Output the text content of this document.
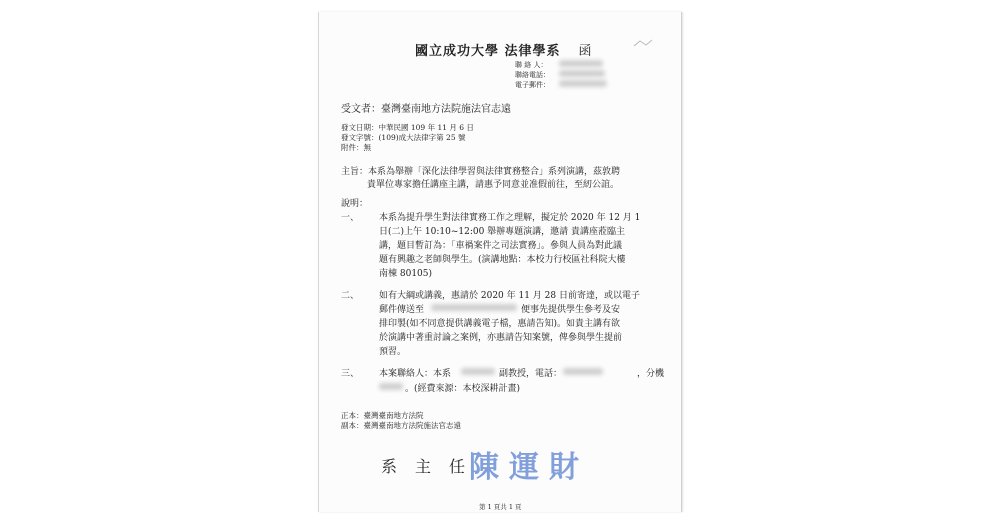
國立成功大學 法律學系 函
聯 絡 人：
聯絡電話：
電子郵件：
受文者：臺灣臺南地方法院施法官志遠
發文日期：中華民國 109 年 11 月 6 日
發文字號：(109)成大法律字第 25 號
附件：無
主旨：本系為舉辦「深化法律學習與法律實務整合」系列演講，茲敦聘
貴單位專家擔任講座主講，請惠予同意並准假前往，至紉公誼。
說明：
一、 本系為提升學生對法律實務工作之理解，擬定於 2020 年 12 月 1
日(二)上午 10:10~12:00 舉辦專題演講，邀請 貴講座蒞臨主
講，題目暫訂為：「車禍案件之司法實務」。參與人員為對此議
題有興趣之老師與學生。(演講地點：本校力行校區社科院大樓
南棟 80105)
二、 如有大綱或講義，惠請於 2020 年 11 月 28 日前寄達，或以電子
郵件傳送至	便事先提供學生參考及安
排印製(如不同意提供講義電子檔，惠請告知)。如貴主講有欲
於演講中著重討論之案例，亦惠請告知案號，俾參與學生提前
預習。
三、 本案聯絡人：本系	副教授，電話：	，分機
。(經費來源：本校深耕計畫)
正本：臺灣臺南地方法院
副本：臺灣臺南地方法院施法官志遠
系主任
陳運財
第 1 頁共 1 頁
